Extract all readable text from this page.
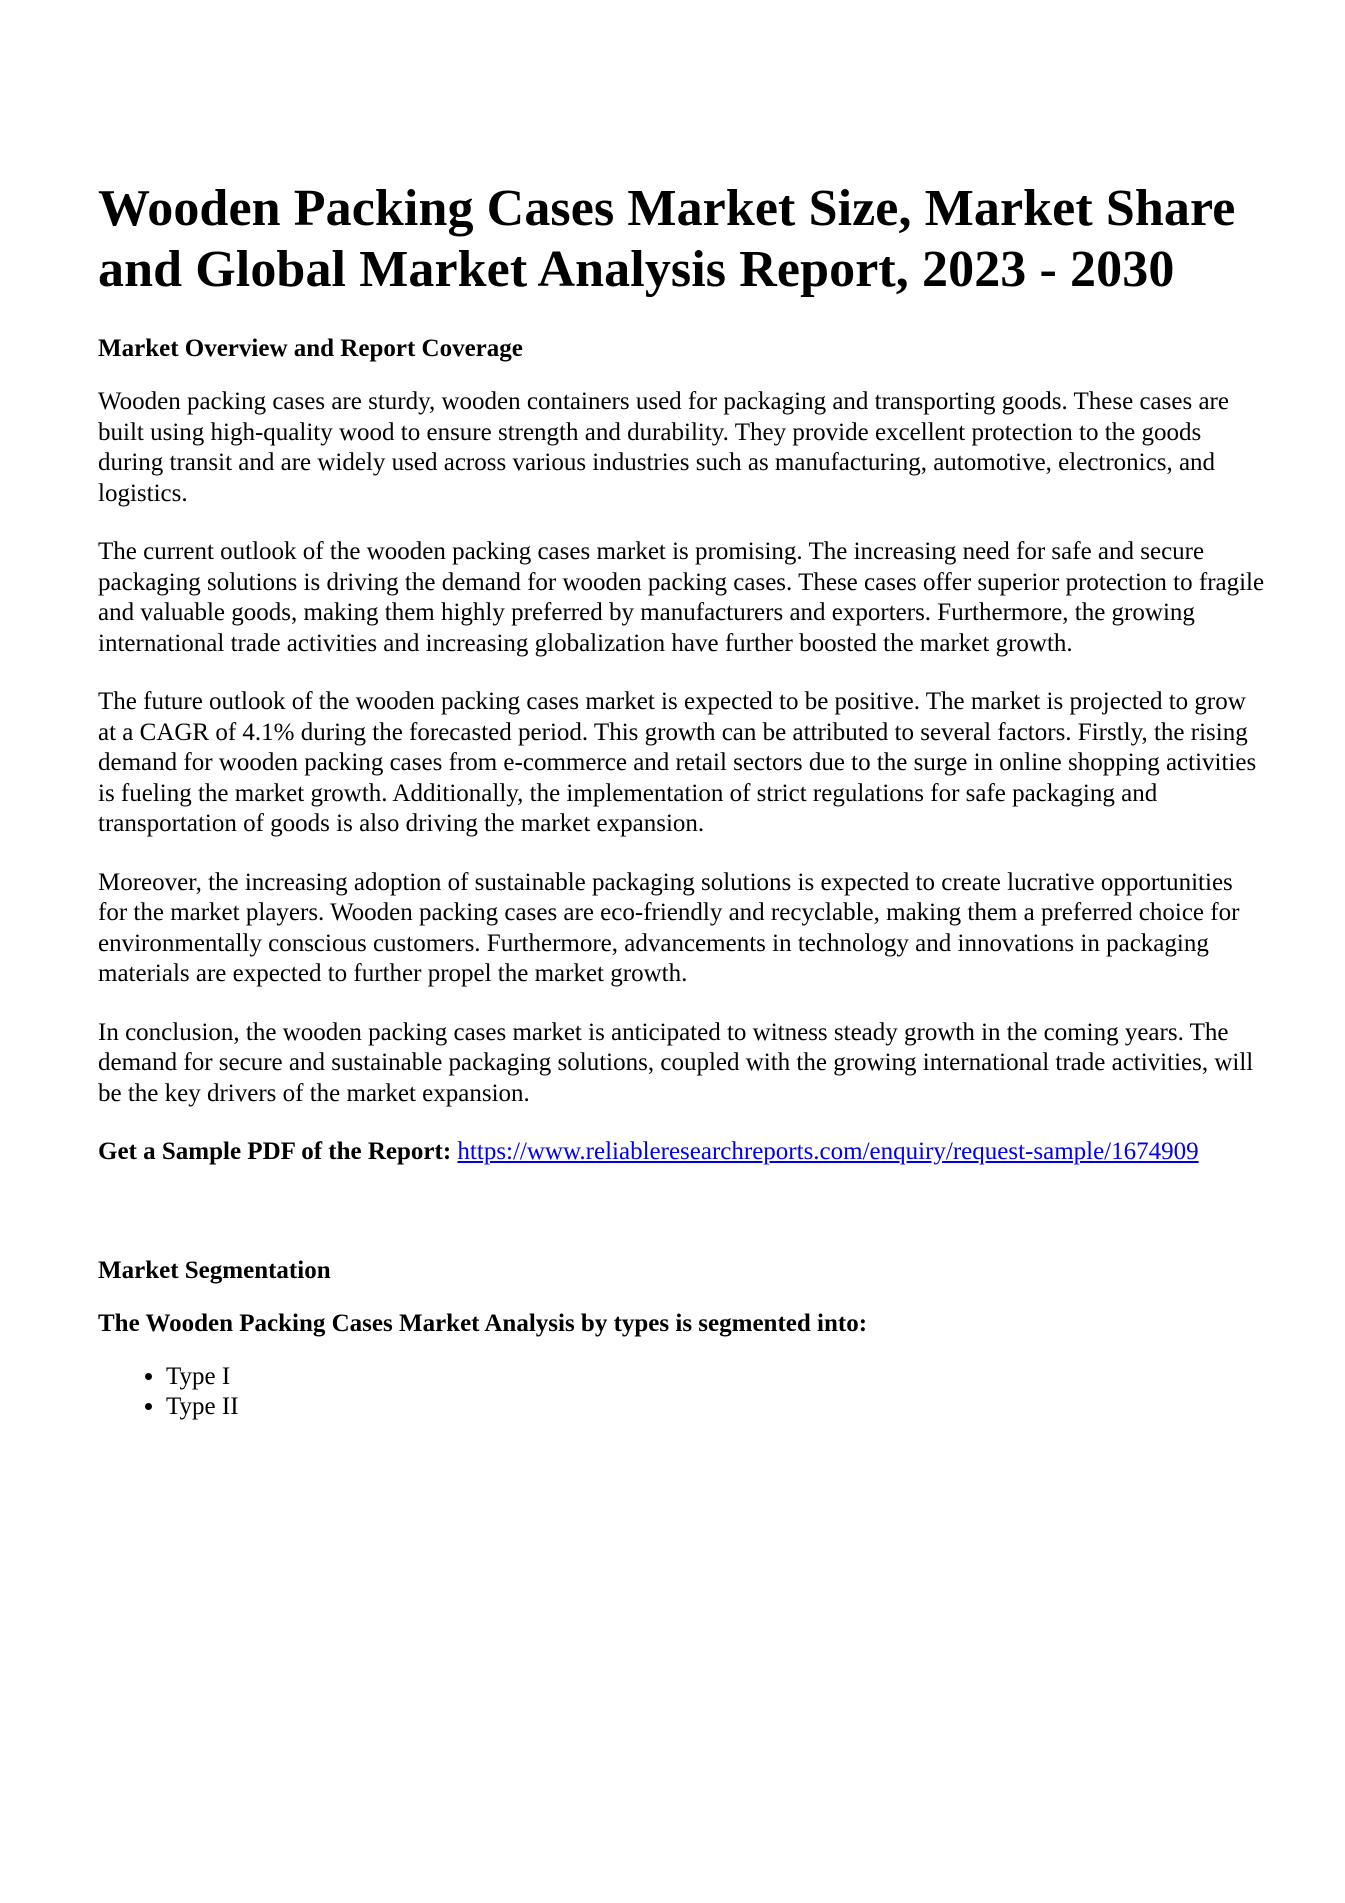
Wooden Packing Cases Market Size, Market Share and Global Market Analysis Report, 2023 - 2030
Market Overview and Report Coverage

Wooden packing cases are sturdy, wooden containers used for packaging and transporting goods. These cases are built using high-quality wood to ensure strength and durability. They provide excellent protection to the goods during transit and are widely used across various industries such as manufacturing, automotive, electronics, and logistics.

The current outlook of the wooden packing cases market is promising. The increasing need for safe and secure packaging solutions is driving the demand for wooden packing cases. These cases offer superior protection to fragile and valuable goods, making them highly preferred by manufacturers and exporters. Furthermore, the growing international trade activities and increasing globalization have further boosted the market growth.

The future outlook of the wooden packing cases market is expected to be positive. The market is projected to grow at a CAGR of 4.1% during the forecasted period. This growth can be attributed to several factors. Firstly, the rising demand for wooden packing cases from e-commerce and retail sectors due to the surge in online shopping activities is fueling the market growth. Additionally, the implementation of strict regulations for safe packaging and transportation of goods is also driving the market expansion.

Moreover, the increasing adoption of sustainable packaging solutions is expected to create lucrative opportunities for the market players. Wooden packing cases are eco-friendly and recyclable, making them a preferred choice for environmentally conscious customers. Furthermore, advancements in technology and innovations in packaging materials are expected to further propel the market growth.

In conclusion, the wooden packing cases market is anticipated to witness steady growth in the coming years. The demand for secure and sustainable packaging solutions, coupled with the growing international trade activities, will be the key drivers of the market expansion.

Get a Sample PDF of the Report: https://www.reliableresearchreports.com/enquiry/request-sample/1674909

Market Segmentation
The Wooden Packing Cases Market Analysis by types is segmented into:
• Type I
• Type II
